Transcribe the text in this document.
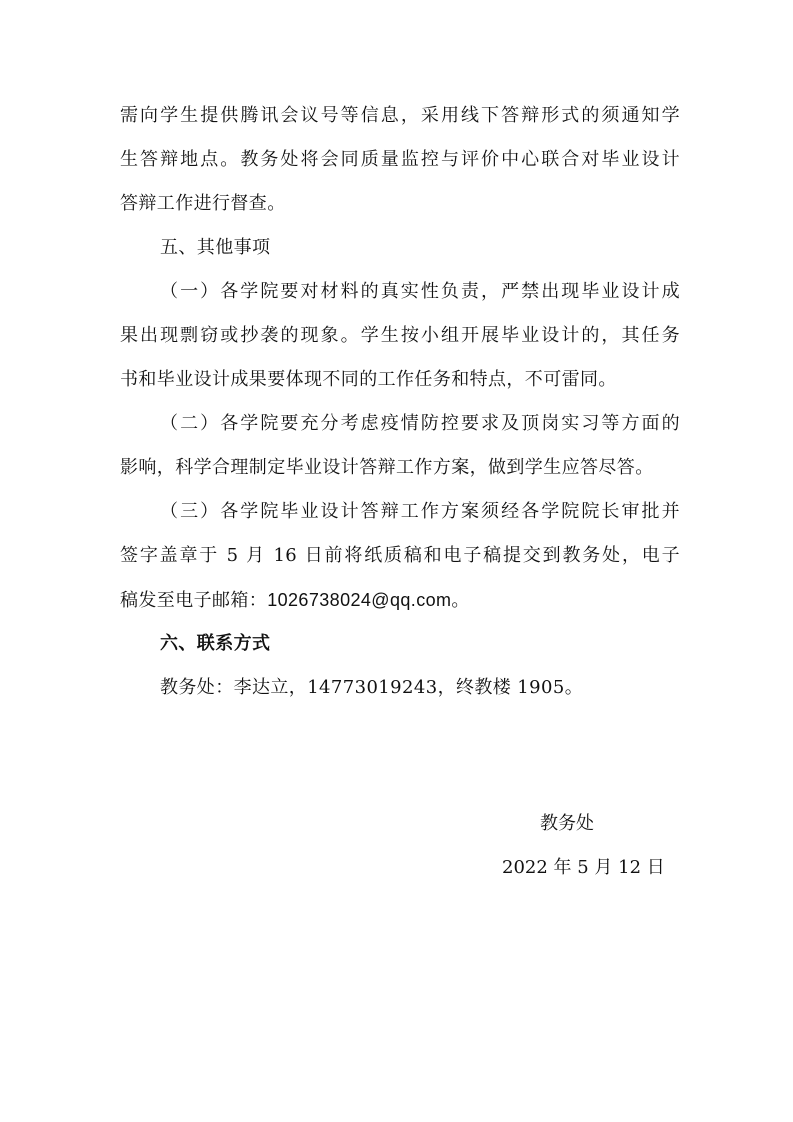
需向学生提供腾讯会议号等信息，采用线下答辩形式的须通知学
生答辩地点。教务处将会同质量监控与评价中心联合对毕业设计
答辩工作进行督查。
五、其他事项
（一）各学院要对材料的真实性负责，严禁出现毕业设计成
果出现剽窃或抄袭的现象。学生按小组开展毕业设计的，其任务
书和毕业设计成果要体现不同的工作任务和特点，不可雷同。
（二）各学院要充分考虑疫情防控要求及顶岗实习等方面的
影响，科学合理制定毕业设计答辩工作方案，做到学生应答尽答。
（三）各学院毕业设计答辩工作方案须经各学院院长审批并
签字盖章于 5 月 16 日前将纸质稿和电子稿提交到教务处，电子
稿发至电子邮箱：1026738024@qq.com。
六、联系方式
教务处：李达立，14773019243，终教楼 1905。
教务处
2022 年 5 月 12 日
